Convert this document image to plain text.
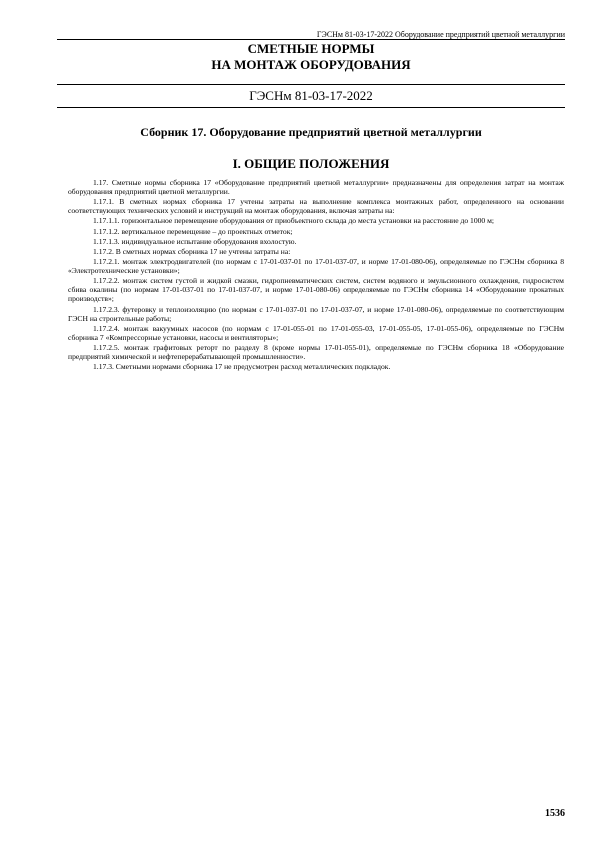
ГЭСНм 81-03-17-2022 Оборудование предприятий цветной металлургии
СМЕТНЫЕ НОРМЫ
НА МОНТАЖ ОБОРУДОВАНИЯ
ГЭСНм 81-03-17-2022
Сборник 17. Оборудование предприятий цветной металлургии
I. ОБЩИЕ ПОЛОЖЕНИЯ

1.17. Сметные нормы сборника 17 «Оборудование предприятий цветной металлургии» предназначены для определения затрат на монтаж оборудования предприятий цветной металлургии.

1.17.1. В сметных нормах сборника 17 учтены затраты на выполнение комплекса монтажных работ, определенного на основании соответствующих технических условий и инструкций на монтаж оборудования, включая затраты на:

1.17.1.1. горизонтальное перемещение оборудования от приобъектного склада до места установки на расстояние до 1000 м;

1.17.1.2. вертикальное перемещение – до проектных отметок;

1.17.1.3. индивидуальное испытание оборудования вхолостую.

1.17.2. В сметных нормах сборника 17 не учтены затраты на:

1.17.2.1. монтаж электродвигателей (по нормам с 17-01-037-01 по 17-01-037-07, и норме 17-01-080-06), определяемые по ГЭСНм сборника 8 «Электротехнические установки»;

1.17.2.2. монтаж систем густой и жидкой смазки, гидропневматических систем, систем водяного и эмульсионного охлаждения, гидросистем сбива окалины (по нормам 17-01-037-01 по 17-01-037-07, и норме 17-01-080-06) определяемые по ГЭСНм сборника 14 «Оборудование прокатных производств»;

1.17.2.3. футеровку и теплоизоляцию (по нормам с 17-01-037-01 по 17-01-037-07, и норме 17-01-080-06), определяемые по соответствующим ГЭСН на строительные работы;

1.17.2.4. монтаж вакуумных насосов (по нормам с 17-01-055-01 по 17-01-055-03, 17-01-055-05, 17-01-055-06), определяемые по ГЭСНм сборника 7 «Компрессорные установки, насосы и вентиляторы»;

1.17.2.5. монтаж графитовых реторт по разделу 8 (кроме нормы 17-01-055-01), определяемые по ГЭСНм сборника 18 «Оборудование предприятий химической и нефтеперерабатывающей промышленности».

1.17.3. Сметными нормами сборника 17 не предусмотрен расход металлических подкладок.

1536
